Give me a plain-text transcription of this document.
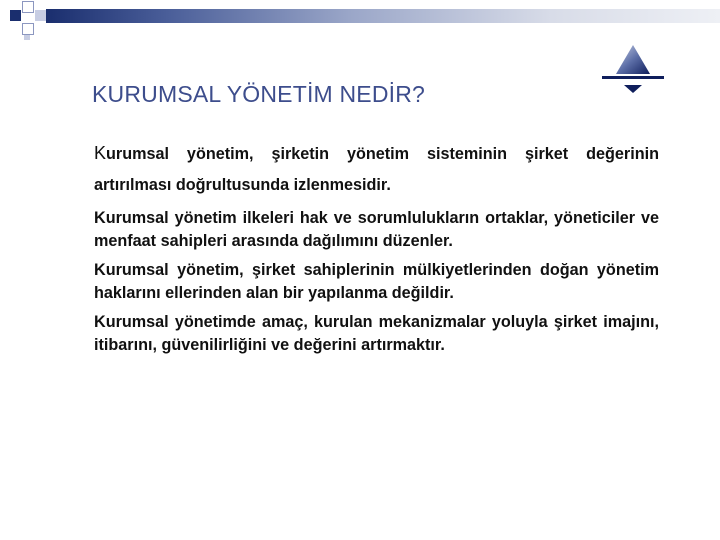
KURUMSAL YÖNETİM NEDİR?

Kurumsal yönetim, şirketin yönetim sisteminin şirket değerinin artırılması doğrultusunda izlenmesidir.

Kurumsal yönetim ilkeleri hak ve sorumlulukların ortaklar, yöneticiler ve menfaat sahipleri arasında dağılımını düzenler.

Kurumsal yönetim, şirket sahiplerinin mülkiyetlerinden doğan yönetim haklarını ellerinden alan bir yapılanma değildir.

Kurumsal yönetimde amaç, kurulan mekanizmalar yoluyla şirket imajını, itibarını, güvenilirliğini ve değerini artırmaktır.
